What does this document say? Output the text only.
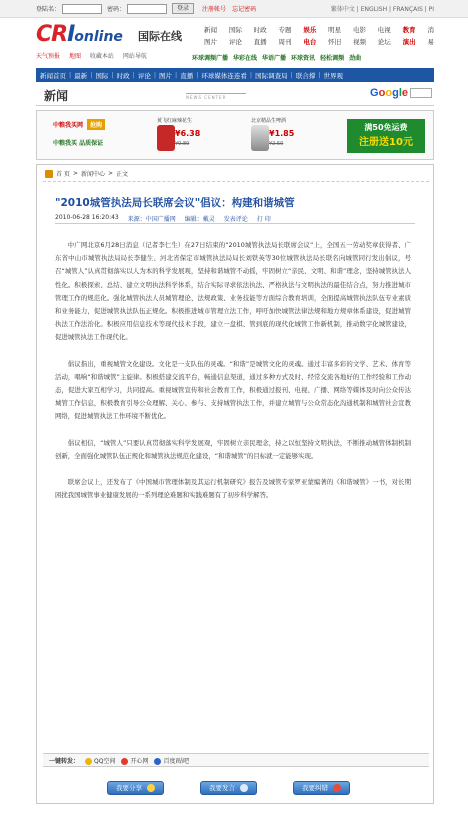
登陆名：	密码：	登录	注册帐号 忘记密码	繁体中文 | ENGLISH | FRANÇAIS | PI
CRIonline 国际在线
天气预报 地图 收藏本站 网站导航
新闻 国际 时政 专题 娱乐 明星 电影 电视 教育 消
图片 评论 直播 周刊 电台 怀旧 视频 论坛 演出 易
环球调频广播 华彩在线 华语广播 环球资讯 轻松调频 劲曲
新闻首页 | 最新 | 国际 | 时政 | 评论 | 图片 | 直播 | 环球媒体连连看 | 国际调查局 | 联合撑 | 世界观
新闻	NEWS CENTER	Google
中粮我买网 抢购
中粮我买 品质保证
黄飞红麻辣花生
¥6.38
¥9.80
北京精品生啤酒
¥1.85
¥2.50
满50免运费
注册送10元
首 页 > 新闻中心 > 正文
"2010城管执法局长联席会议"倡议：构建和谐城管
2010-06-28 16:20:43 来源：中国广播网 编辑：戴灵 发表评论 打 印

中广网北京6月28日消息（记者李仁生）在27日结束的“2010城管执法局长联席会议”上，全国五一劳动奖章获得者、广东省中山市城管执法局局长李健生、河北省保定市城管执法局局长刘铁英等30位城管执法局长联名向城管同行发出倡议，号召“城管人”认真贯彻落实以人为本的科学发展观，坚持和谐城管不动摇，牢固树立“亲民、文明、和谐”理念，坚持城管执法人性化。积极探索、总结、建立文明执法科学体系，结合实际寻求依法执法、严格执法与文明执法的最佳结合点，努力推进城市管理工作的规范化。强化城管执法人员城管理论、法规政策、业务技能等方面综合教育培训，全面提高城管执法队伍专业素质和业务能力，促进城管执法队伍正规化。积极推进城市管理立法工作，呼吁加快城管法律法规和地方规章体系建设，促进城管执法工作法治化。积极应用信息技术等现代技术手段，建立一盘棋、管到底的现代化城管工作新机制，推动数字化城管建设，促进城管执法工作现代化。

倡议指出，重视城管文化建设。文化是一支队伍的灵魂。“和谐”是城管文化的灵魂。通过丰富多彩的文学、艺术、体育等活动，唱响“和谐城管”主旋律。积极搭建交流平台，畅通信息渠道，通过多种方式及时、经常交流各地好的工作经验和工作动态，促进大家互相学习，共同提高。重视城管宣传和社会教育工作，积极通过报刊、电视、广播、网络等媒体及时向公众传达城管工作信息，积极教育引导公众理解、关心、参与、支持城管执法工作，并建立城管与公众常态化沟通机制和城管社会宣教网络，促进城管执法工作环境不断优化。

倡议相信，“城管人”只要认真贯彻落实科学发展观，牢固树立亲民理念，持之以恒坚持文明执法，不断推动城管体制机制创新，全面强化城管队伍正规化和城管执法规范化建设，“和谐城管”的目标就一定能够实现。

联席会议上，还发布了《中国城市管理体制及其运行机制研究》报告及城管专家罗亚蒙编著的《和谐城管》一书，对长期困扰我国城管事业健康发展的一系列理论难题和实践难题有了初步科学解答。

一键转发：	QQ空间	开心网	百度i贴吧
我要分享	我要发言	我要纠错
